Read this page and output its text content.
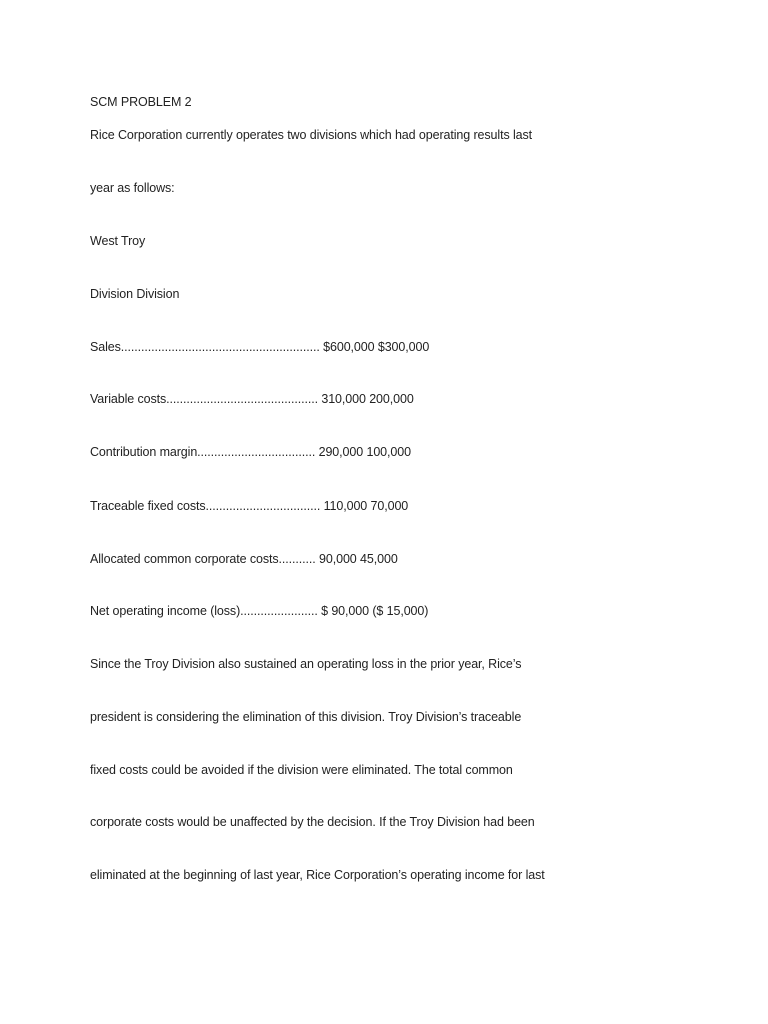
SCM PROBLEM 2
Rice Corporation currently operates two divisions which had operating results last
year as follows:
West Troy
Division Division
Sales........................................................... $600,000 $300,000
Variable costs............................................. 310,000 200,000
Contribution margin................................... 290,000 100,000
Traceable fixed costs.................................. 110,000 70,000
Allocated common corporate costs........... 90,000 45,000
Net operating income (loss)....................... $ 90,000 ($ 15,000)
Since the Troy Division also sustained an operating loss in the prior year, Rice’s
president is considering the elimination of this division. Troy Division’s traceable
fixed costs could be avoided if the division were eliminated. The total common
corporate costs would be unaffected by the decision. If the Troy Division had been
eliminated at the beginning of last year, Rice Corporation’s operating income for last
